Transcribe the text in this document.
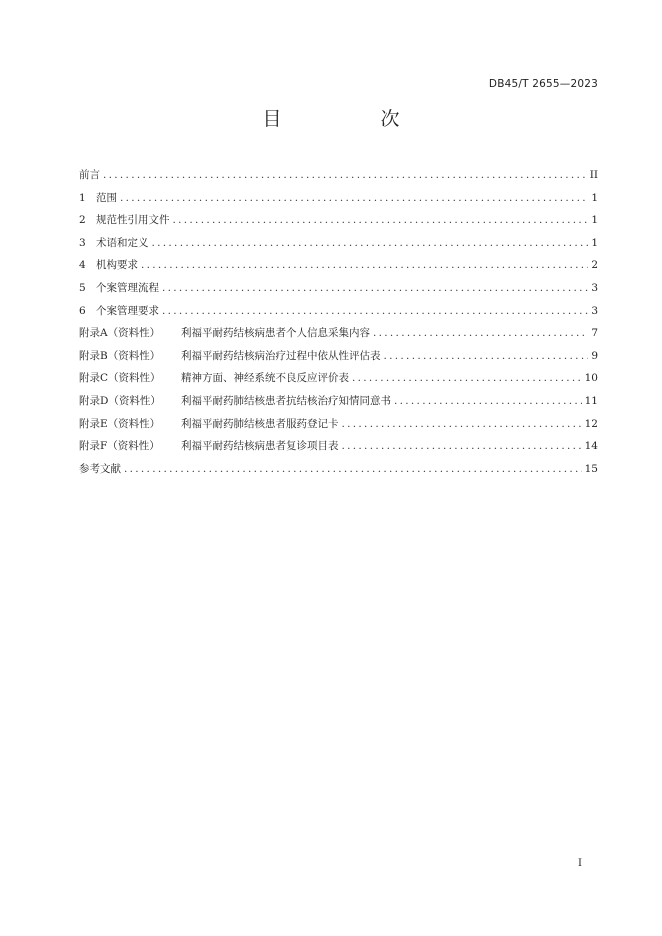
DB45/T 2655—2023
目　次
前言 .....	II
1 范围 .....	1
2 规范性引用文件 .....	1
3 术语和定义 .....	1
4 机构要求 .....	2
5 个案管理流程 .....	3
6 个案管理要求 .....	3
附录A（资料性）	利福平耐药结核病患者个人信息采集内容 .....	7
附录B（资料性）	利福平耐药结核病治疗过程中依从性评估表 .....	9
附录C（资料性）	精神方面、神经系统不良反应评价表 .....	10
附录D（资料性）	利福平耐药肺结核患者抗结核治疗知情同意书 .....	11
附录E（资料性）	利福平耐药肺结核患者服药登记卡 .....	12
附录F（资料性）	利福平耐药结核病患者复诊项目表 .....	14
参考文献 .....	15
I
